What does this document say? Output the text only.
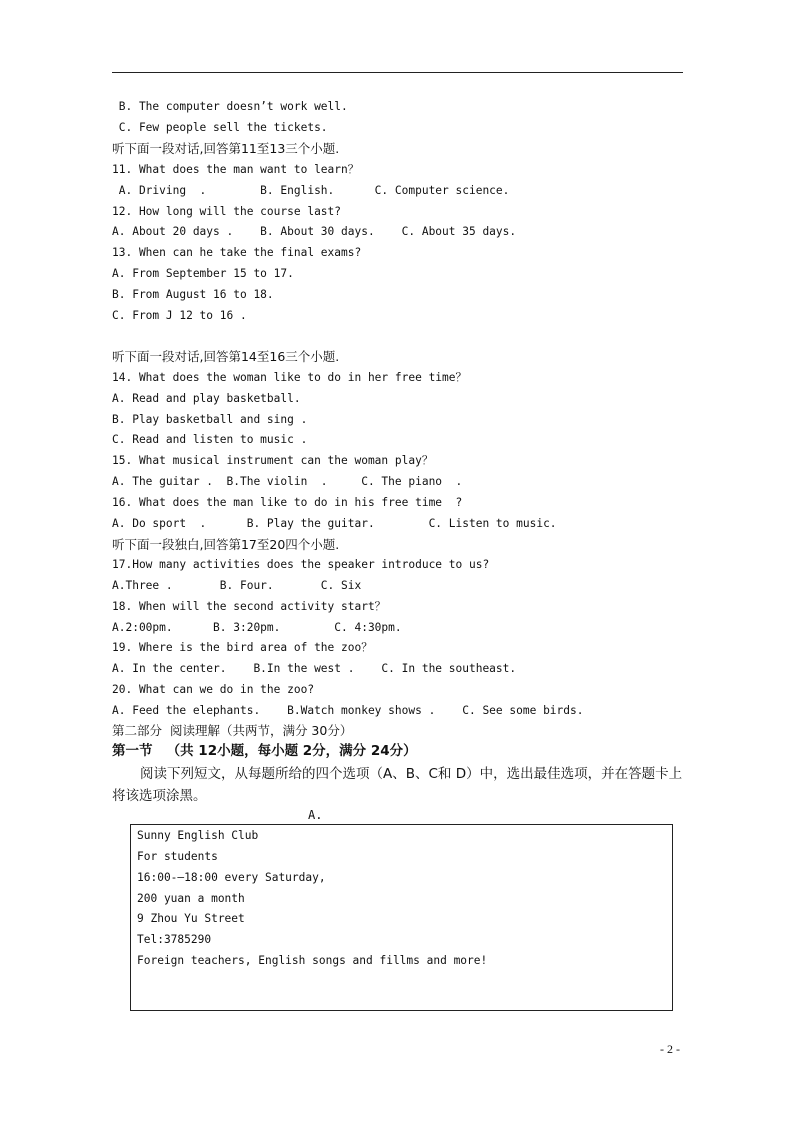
B. The computer doesn’t work well.
C. Few people sell the tickets.
听下面一段对话,回答第11至13三个小题.
11. What does the man want to learn？
A. Driving  .        B. English.      C. Computer science.
12. How long will the course last?
A. About 20 days .    B. About 30 days.    C. About 35 days.
13. When can he take the final exams?
A. From September 15 to 17.
B. From August 16 to 18.
C. From J 12 to 16 .
听下面一段对话,回答第14至16三个小题.
14. What does the woman like to do in her free time？
A. Read and play basketball.
B. Play basketball and sing .
C. Read and listen to music .
15. What musical instrument can the woman play？
A. The guitar .  B.The violin  .     C. The piano  .
16. What does the man like to do in his free time  ?
A. Do sport  .      B. Play the guitar.        C. Listen to music.
听下面一段独白,回答第17至20四个小题.
17.How many activities does the speaker introduce to us?
A.Three .       B. Four.       C. Six
18. When will the second activity start？
A.2:00pm.      B. 3:20pm.        C. 4:30pm.
19. Where is the bird area of the zoo？
A. In the center.    B.In the west .    C. In the southeast.
20. What can we do in the zoo?
A. Feed the elephants.    B.Watch monkey shows .    C. See some birds.
第二部分  阅读理解（共两节，满分 30分）
第一节   （共 12小题，每小题 2分，满分 24分）
阅读下列短文，从每题所给的四个选项（A、B、C和 D）中，选出最佳选项，并在答题卡上将该选项涂黑。
A.
Sunny English Club
For students
16:00-—18:00 every Saturday,
200 yuan a month
9 Zhou Yu Street
Tel:3785290
Foreign teachers, English songs and fillms and more!
- 2 -
